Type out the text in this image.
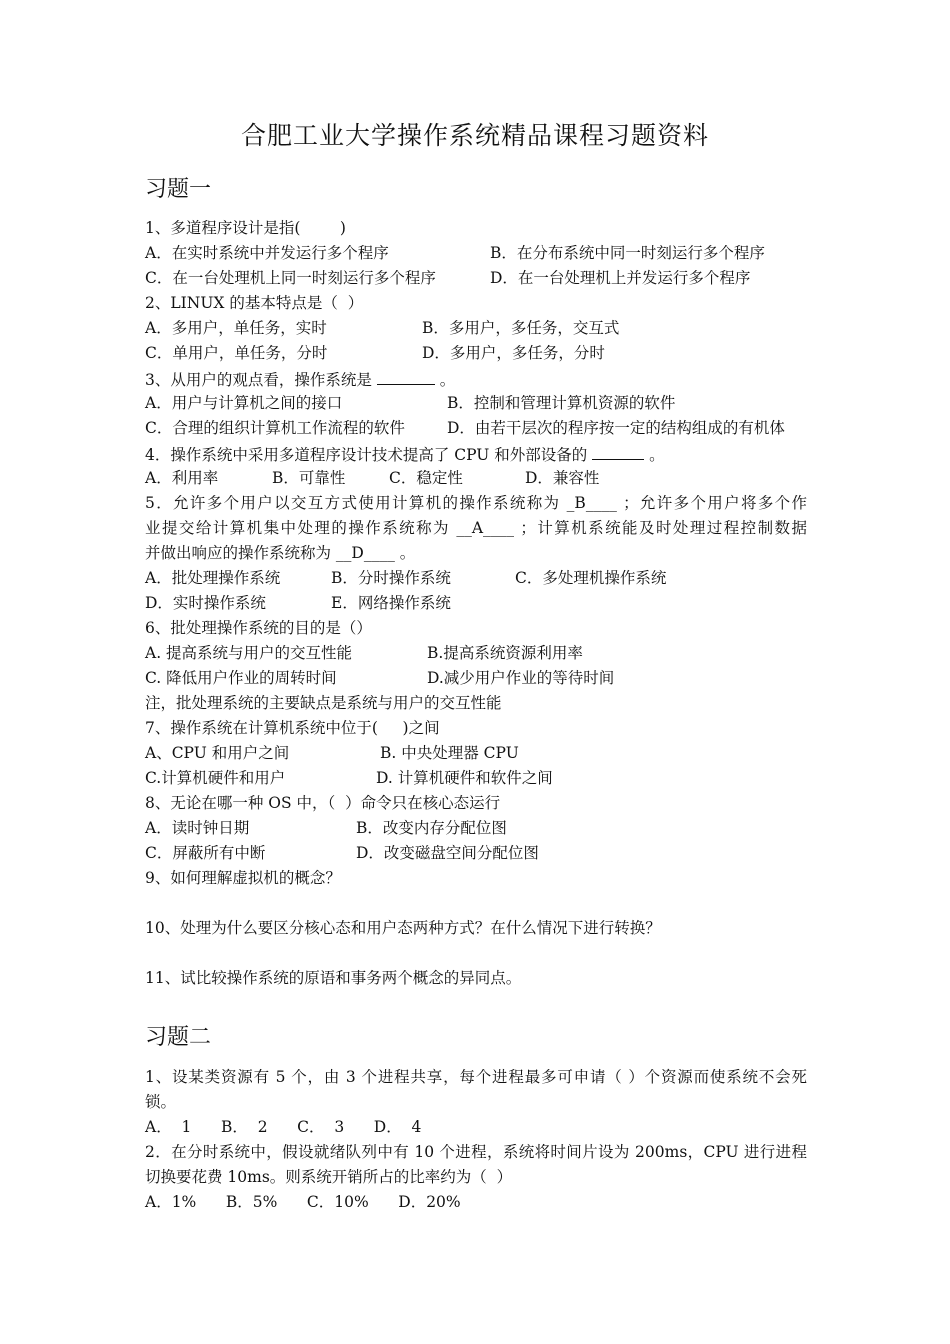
合肥工业大学操作系统精品课程习题资料
习题一
1、多道程序设计是指(        )
A．在实时系统中并发运行多个程序	B．在分布系统中同一时刻运行多个程序
C．在一台处理机上同一时刻运行多个程序	D．在一台处理机上并发运行多个程序
2、LINUX 的基本特点是（  ）
A．多用户，单任务，实时	B．多用户，多任务，交互式
C．单用户，单任务，分时	D．多用户，多任务，分时
3、从用户的观点看，操作系统是	。
A．用户与计算机之间的接口	B．控制和管理计算机资源的软件
C．合理的组织计算机工作流程的软件	D．由若干层次的程序按一定的结构组成的有机体
4．操作系统中采用多道程序设计技术提高了 CPU 和外部设备的	。
A．利用率	B．可靠性	C．稳定性	D．兼容性
5．允许多个用户以交互方式使用计算机的操作系统称为 _B____ ；允许多个用户将多个作
业提交给计算机集中处理的操作系统称为 __A____ ；计算机系统能及时处理过程控制数据
并做出响应的操作系统称为 __D____ 。
A．批处理操作系统	B．分时操作系统	C．多处理机操作系统
D．实时操作系统	E．网络操作系统
6、批处理操作系统的目的是（）
A. 提高系统与用户的交互性能	B.提高系统资源利用率
C. 降低用户作业的周转时间	D.减少用户作业的等待时间
注，批处理系统的主要缺点是系统与用户的交互性能
7、操作系统在计算机系统中位于(     )之间
A、CPU 和用户之间	B. 中央处理器 CPU
C.计算机硬件和用户	D. 计算机硬件和软件之间
8、无论在哪一种 OS 中，（  ）命令只在核心态运行
A．读时钟日期	B．改变内存分配位图
C．屏蔽所有中断	D．改变磁盘空间分配位图
9、如何理解虚拟机的概念？
10、处理为什么要区分核心态和用户态两种方式？在什么情况下进行转换？
11、试比较操作系统的原语和事务两个概念的异同点。
习题二
1、设某类资源有 5 个，由 3 个进程共享，每个进程最多可申请（ ）个资源而使系统不会死
锁。
A．  1      B．  2      C．  3      D．  4
2．在分时系统中，假设就绪队列中有 10 个进程，系统将时间片设为 200ms，CPU 进行进程
切换要花费 10ms。则系统开销所占的比率约为（  ）
A．1%      B．5%      C．10%      D．20%
